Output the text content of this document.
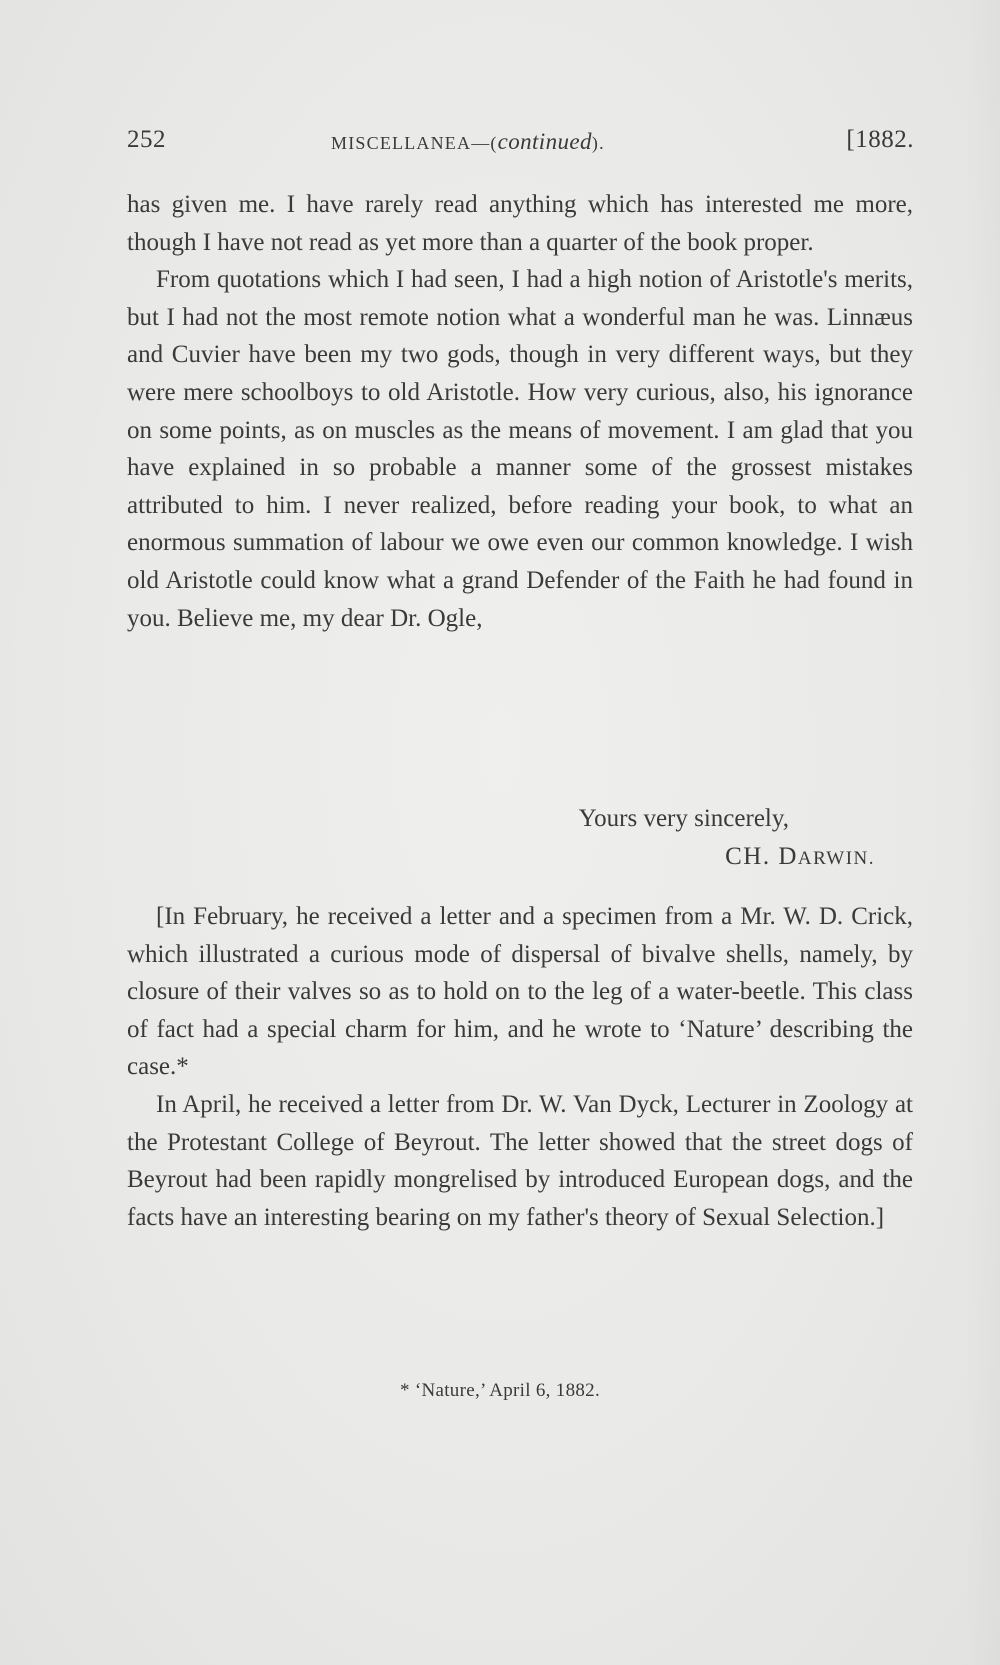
252	MISCELLANEA—(continued).	[1882.

has given me. I have rarely read anything which has interested me more, though I have not read as yet more than a quarter of the book proper.

From quotations which I had seen, I had a high notion of Aristotle's merits, but I had not the most remote notion what a wonderful man he was. Linnæus and Cuvier have been my two gods, though in very different ways, but they were mere schoolboys to old Aristotle. How very curious, also, his ignorance on some points, as on muscles as the means of movement. I am glad that you have explained in so probable a manner some of the grossest mistakes attributed to him. I never realized, before reading your book, to what an enormous summation of labour we owe even our common knowledge. I wish old Aristotle could know what a grand Defender of the Faith he had found in you. Believe me, my dear Dr. Ogle,

Yours very sincerely,
CH. DARWIN.

[In February, he received a letter and a specimen from a Mr. W. D. Crick, which illustrated a curious mode of dispersal of bivalve shells, namely, by closure of their valves so as to hold on to the leg of a water-beetle. This class of fact had a special charm for him, and he wrote to ‘Nature’ describing the case.*

In April, he received a letter from Dr. W. Van Dyck, Lecturer in Zoology at the Protestant College of Beyrout. The letter showed that the street dogs of Beyrout had been rapidly mongrelised by introduced European dogs, and the facts have an interesting bearing on my father's theory of Sexual Selection.]

* ‘Nature,’ April 6, 1882.
